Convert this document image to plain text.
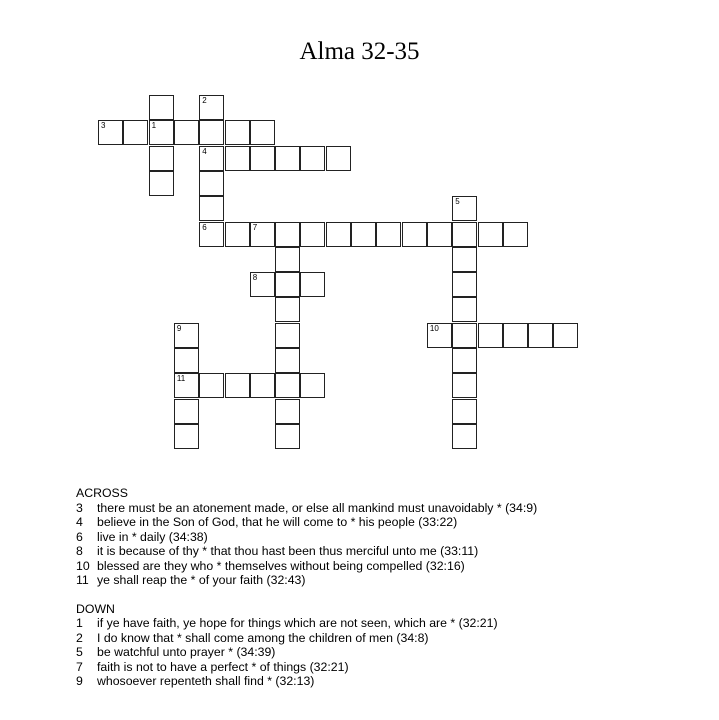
Alma 32-35
1
3
2
4
6	7
8
5
10
9
11
ACROSS
3	there must be an atonement made, or else all mankind must unavoidably * (34:9)
4	believe in the Son of God, that he will come to * his people (33:22)
6	live in * daily (34:38)
8	it is because of thy * that thou hast been thus merciful unto me (33:11)
10 blessed are they who * themselves without being compelled (32:16)
11 ye shall reap the * of your faith (32:43)
DOWN
1	if ye have faith, ye hope for things which are not seen, which are * (32:21)
2	I do know that * shall come among the children of men (34:8)
5	be watchful unto prayer * (34:39)
7	faith is not to have a perfect * of things (32:21)
9	whosoever repenteth shall find * (32:13)
